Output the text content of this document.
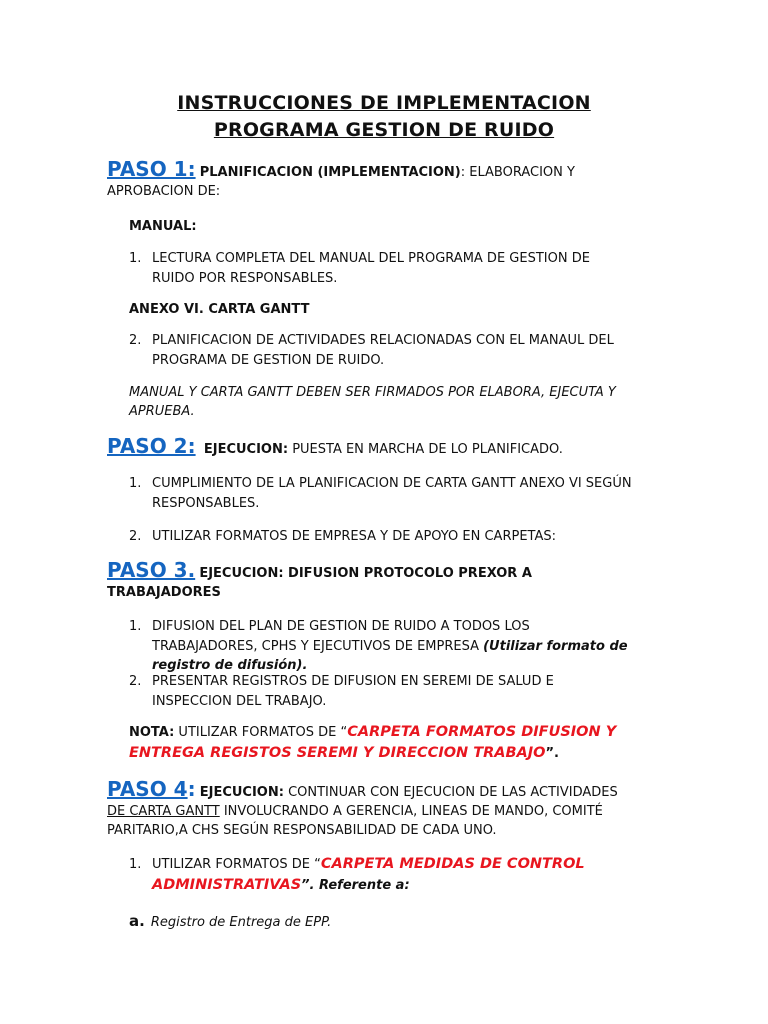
INSTRUCCIONES DE IMPLEMENTACION
PROGRAMA GESTION DE RUIDO
PASO 1: PLANIFICACION (IMPLEMENTACION): ELABORACION Y
APROBACION DE:
MANUAL:
1. LECTURA COMPLETA DEL MANUAL DEL PROGRAMA DE GESTION DE
RUIDO POR RESPONSABLES.
ANEXO VI. CARTA GANTT
2. PLANIFICACION DE ACTIVIDADES RELACIONADAS CON EL MANAUL DEL
PROGRAMA DE GESTION DE RUIDO.
MANUAL Y CARTA GANTT DEBEN SER FIRMADOS POR ELABORA, EJECUTA Y
APRUEBA.
PASO 2: EJECUCION: PUESTA EN MARCHA DE LO PLANIFICADO.
1. CUMPLIMIENTO DE LA PLANIFICACION DE CARTA GANTT ANEXO VI SEGÚN
RESPONSABLES.
2. UTILIZAR FORMATOS DE EMPRESA Y DE APOYO EN CARPETAS:
PASO 3. EJECUCION: DIFUSION PROTOCOLO PREXOR A
TRABAJADORES
1. DIFUSION DEL PLAN DE GESTION DE RUIDO A TODOS LOS
TRABAJADORES, CPHS Y EJECUTIVOS DE EMPRESA (Utilizar formato de
registro de difusión).
2. PRESENTAR REGISTROS DE DIFUSION EN SEREMI DE SALUD E
INSPECCION DEL TRABAJO.
NOTA: UTILIZAR FORMATOS DE “CARPETA FORMATOS DIFUSION Y
ENTREGA REGISTOS SEREMI Y DIRECCION TRABAJO”.
PASO 4: EJECUCION: CONTINUAR CON EJECUCION DE LAS ACTIVIDADES
DE CARTA GANTT INVOLUCRANDO A GERENCIA, LINEAS DE MANDO, COMITÉ
PARITARIO,A CHS SEGÚN RESPONSABILIDAD DE CADA UNO.
1. UTILIZAR FORMATOS DE “CARPETA MEDIDAS DE CONTROL
ADMINISTRATIVAS”. Referente a:
a. Registro de Entrega de EPP.
